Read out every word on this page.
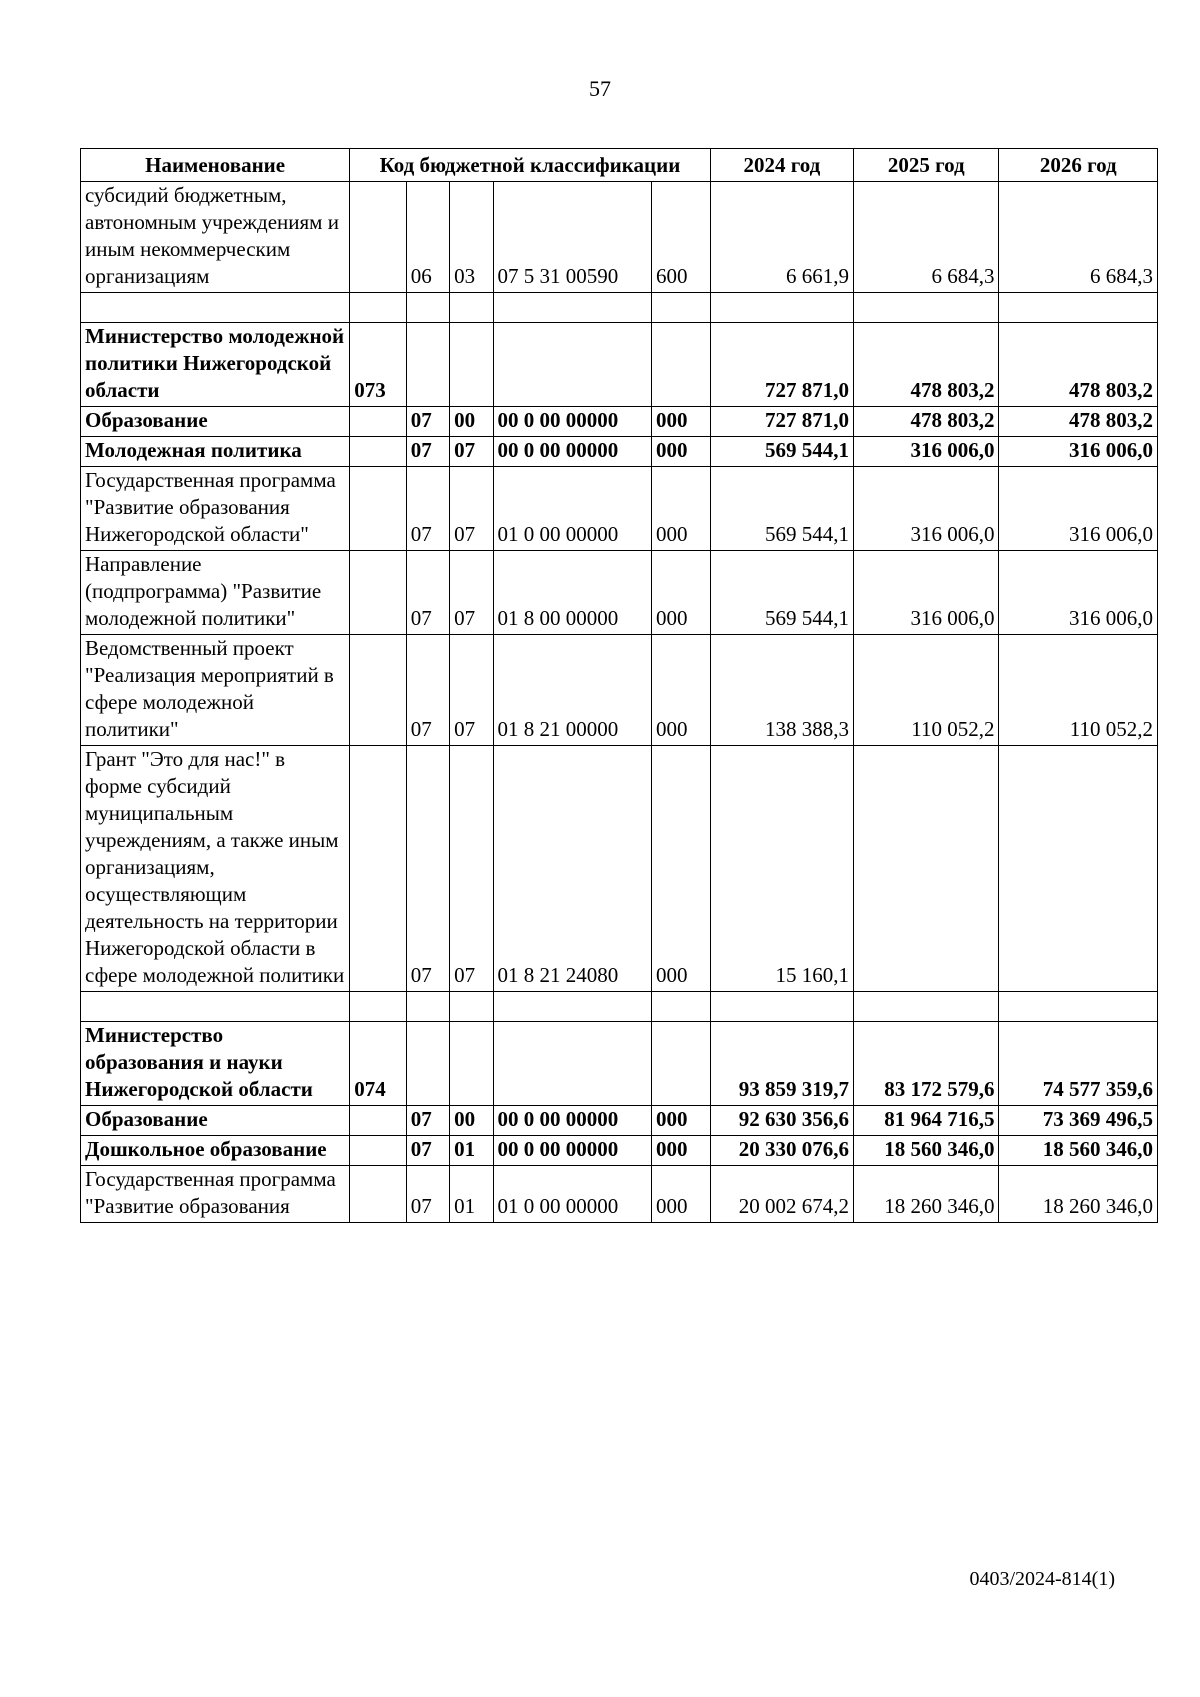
57
Наименование	Код бюджетной классификации					2024 год	2025 год	2026 год
субсидий бюджетным, автономным учреждениям и иным некоммерческим организациям		06	03	07 5 31 00590	600	6 661,9	6 684,3	6 684,3

Министерство молодежной политики Нижегородской области	073					727 871,0	478 803,2	478 803,2
Образование		07	00	00 0 00 00000	000	727 871,0	478 803,2	478 803,2
Молодежная политика		07	07	00 0 00 00000	000	569 544,1	316 006,0	316 006,0
Государственная программа "Развитие образования Нижегородской области"		07	07	01 0 00 00000	000	569 544,1	316 006,0	316 006,0
Направление (подпрограмма) "Развитие молодежной политики"		07	07	01 8 00 00000	000	569 544,1	316 006,0	316 006,0
Ведомственный проект "Реализация мероприятий в сфере молодежной политики"		07	07	01 8 21 00000	000	138 388,3	110 052,2	110 052,2
Грант "Это для нас!" в форме субсидий муниципальным учреждениям, а также иным организациям, осуществляющим деятельность на территории Нижегородской области в сфере молодежной политики		07	07	01 8 21 24080	000	15 160,1		

Министерство образования и науки Нижегородской области	074					93 859 319,7	83 172 579,6	74 577 359,6
Образование		07	00	00 0 00 00000	000	92 630 356,6	81 964 716,5	73 369 496,5
Дошкольное образование		07	01	00 0 00 00000	000	20 330 076,6	18 560 346,0	18 560 346,0
Государственная программа "Развитие образования		07	01	01 0 00 00000	000	20 002 674,2	18 260 346,0	18 260 346,0
0403/2024-814(1)
